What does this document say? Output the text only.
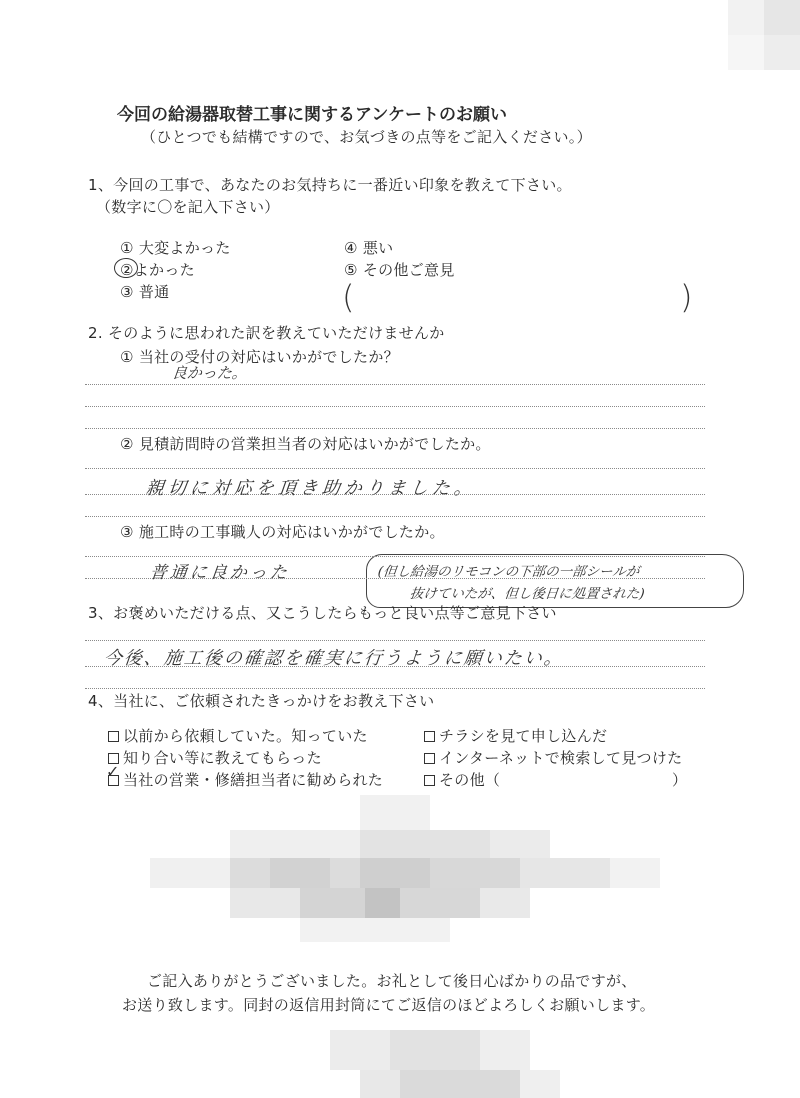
今回の給湯器取替工事に関するアンケートのお願い
（ひとつでも結構ですので、お気づきの点等をご記入ください。）
1、今回の工事で、あなたのお気持ちに一番近い印象を教えて下さい。
（数字に〇を記入下さい）
① 大変よかった
②よかった
③ 普通
④ 悪い
⑤ その他ご意見
(	)
2. そのように思われた訳を教えていただけませんか
① 当社の受付の対応はいかがでしたか？
良かった。
② 見積訪問時の営業担当者の対応はいかがでしたか。
親切に対応を頂き助かりました。
③ 施工時の工事職人の対応はいかがでしたか。
普通に良かった	(但し給湯のリモコンの下部の一部シールが
抜けていたが、但し後日に処置された)
3、お褒めいただける点、又こうしたらもっと良い点等ご意見下さい
今後、施工後の確認を確実に行うように願いたい。
4、当社に、ご依頼されたきっかけをお教え下さい
以前から依頼していた。知っていた
知り合い等に教えてもらった
当社の営業・修繕担当者に勧められた
✓
チラシを見て申し込んだ
インターネットで検索して見つけた
その他（	）
ご記入ありがとうございました。お礼として後日心ばかりの品ですが、
お送り致します。同封の返信用封筒にてご返信のほどよろしくお願いします。
